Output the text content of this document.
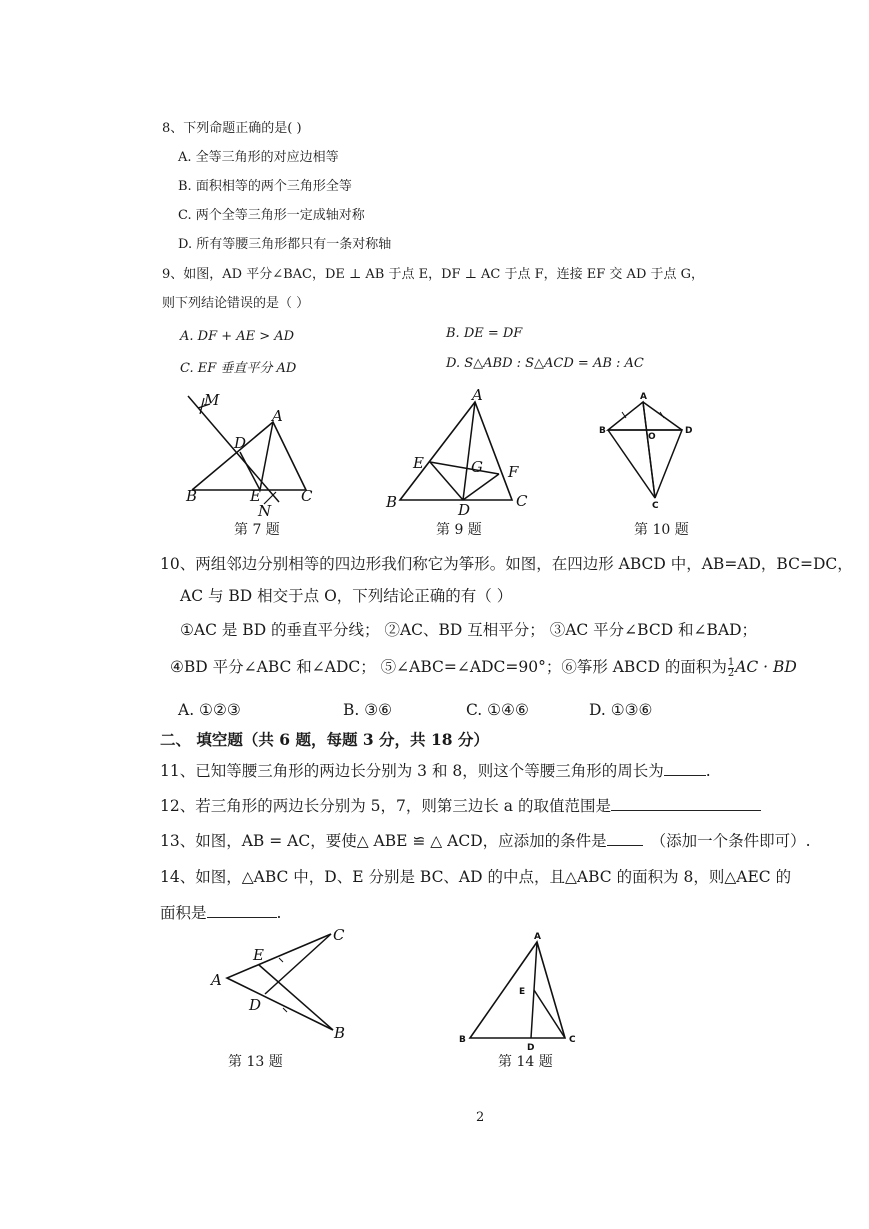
8、下列命题正确的是( )
A. 全等三角形的对应边相等
B. 面积相等的两个三角形全等
C. 两个全等三角形一定成轴对称
D. 所有等腰三角形都只有一条对称轴
9、如图，AD 平分∠BAC，DE ⊥ AB 于点 E，DF ⊥ AC 于点 F，连接 EF 交 AD 于点 G，
则下列结论错误的是（ ）
A. DF + AE > AD	B. DE = DF
C. EF 垂直平分 AD	D. S△ABD : S△ACD = AB : AC
M
A
D
B	E	C
N
第 7 题
A
E	G F
B	D	C
第 9 题
A
B
O
D
C
第 10 题
10、两组邻边分别相等的四边形我们称它为筝形。如图，在四边形 ABCD 中，AB=AD，BC=DC，
AC 与 BD 相交于点 O，下列结论正确的有（ ）
①AC 是 BD 的垂直平分线； ②AC、BD 互相平分； ③AC 平分∠BCD 和∠BAD；
④BD 平分∠ABC 和∠ADC； ⑤∠ABC=∠ADC=90°；⑥筝形 ABCD 的面积为 $\frac{1}{2}$ AC · BD
A. ①②③	B. ③⑥	C. ①④⑥	D. ①③⑥
二、 填空题（共 6 题，每题 3 分，共 18 分）
11、已知等腰三角形的两边长分别为 3 和 8，则这个等腰三角形的周长为	.
12、若三角形的两边长分别为 5，7，则第三边长 a 的取值范围是
13、如图，AB = AC，要使△ ABE ≌ △ ACD，应添加的条件是	（添加一个条件即可）.
14、如图，△ABC 中，D、E 分别是 BC、AD 的中点，且△ABC 的面积为 8，则△AEC 的
面积是	.
C
E
A
D
B
第 13 题
A
E
B
D
C
第 14 题
2
